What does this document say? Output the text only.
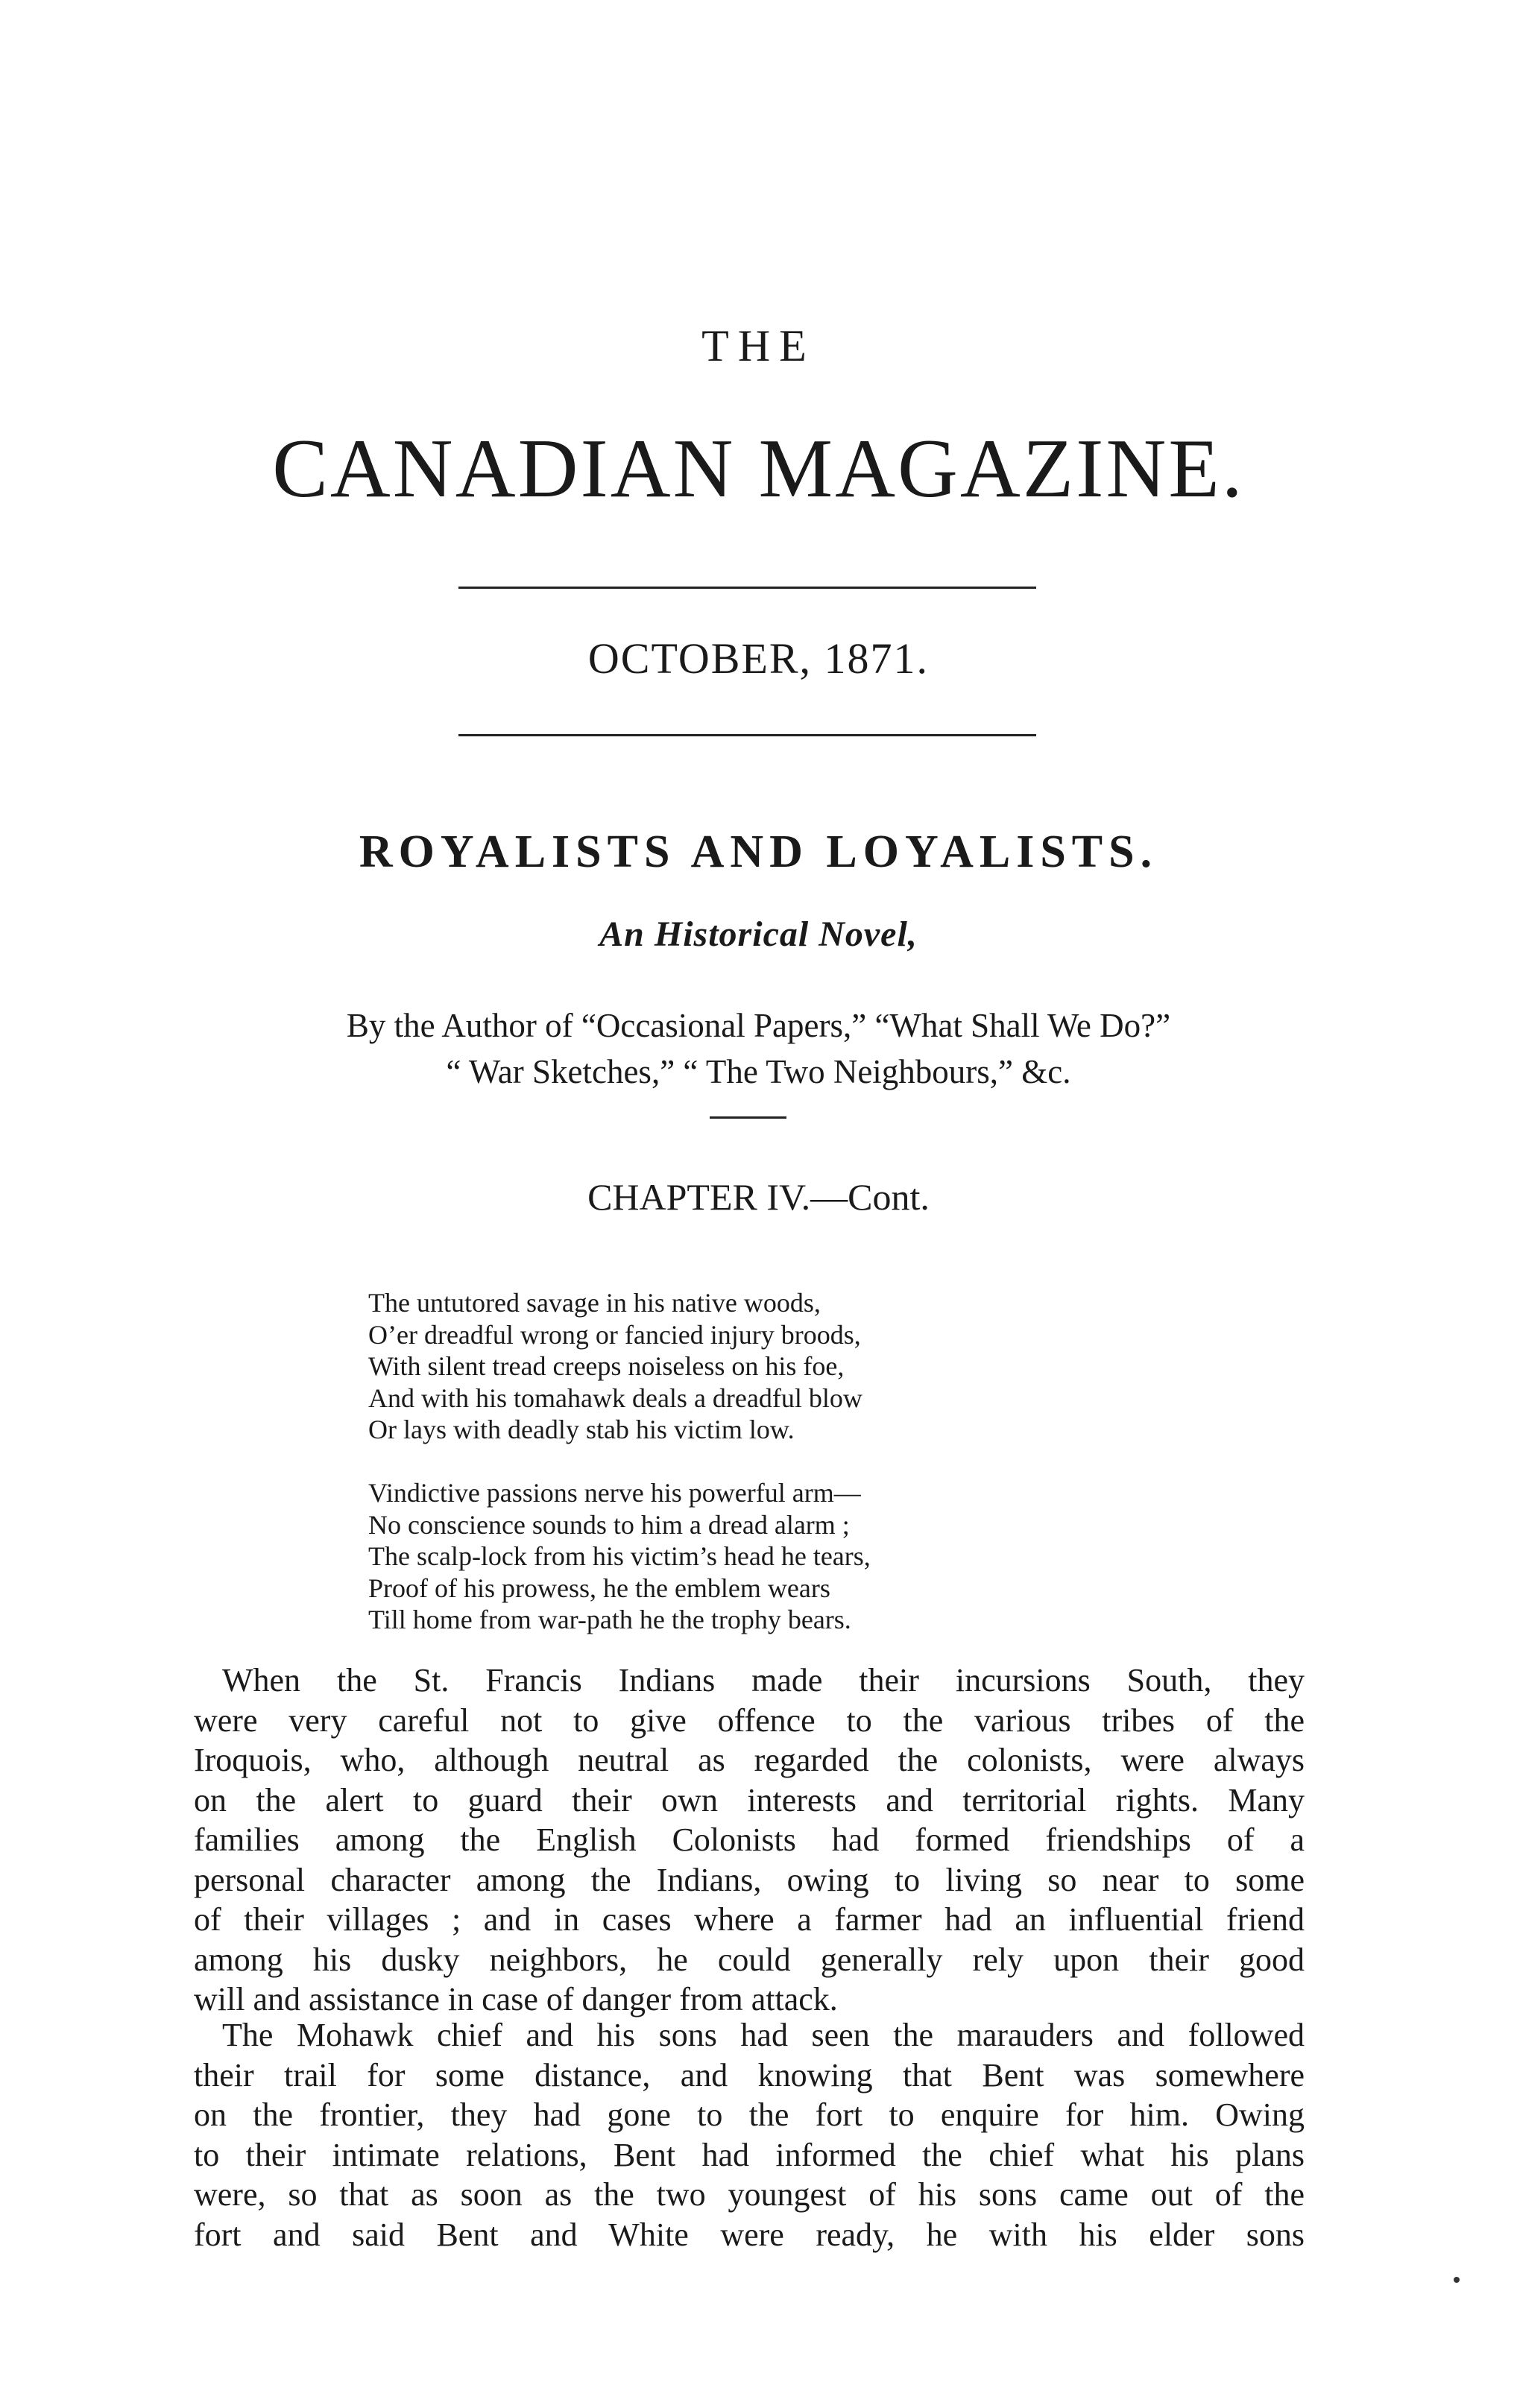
THE
CANADIAN MAGAZINE.
OCTOBER, 1871.
ROYALISTS AND LOYALISTS.
An Historical Novel,
By the Author of “Occasional Papers,” “What Shall We Do?”
“ War Sketches,” “ The Two Neighbours,” &c.
CHAPTER IV.—Cont.
The untutored savage in his native woods,
O’er dreadful wrong or fancied injury broods,
With silent tread creeps noiseless on his foe,
And with his tomahawk deals a dreadful blow
Or lays with deadly stab his victim low.
Vindictive passions nerve his powerful arm—
No conscience sounds to him a dread alarm ;
The scalp-lock from his victim’s head he tears,
Proof of his prowess, he the emblem wears
Till home from war-path he the trophy bears.
When the St. Francis Indians made their incursions South, they
were very careful not to give offence to the various tribes of the
Iroquois, who, although neutral as regarded the colonists, were always
on the alert to guard their own interests and territorial rights. Many
families among the English Colonists had formed friendships of a
personal character among the Indians, owing to living so near to some
of their villages ; and in cases where a farmer had an influential friend
among his dusky neighbors, he could generally rely upon their good
will and assistance in case of danger from attack.
The Mohawk chief and his sons had seen the marauders and followed
their trail for some distance, and knowing that Bent was somewhere
on the frontier, they had gone to the fort to enquire for him. Owing
to their intimate relations, Bent had informed the chief what his plans
were, so that as soon as the two youngest of his sons came out of the
fort and said Bent and White were ready, he with his elder sons
